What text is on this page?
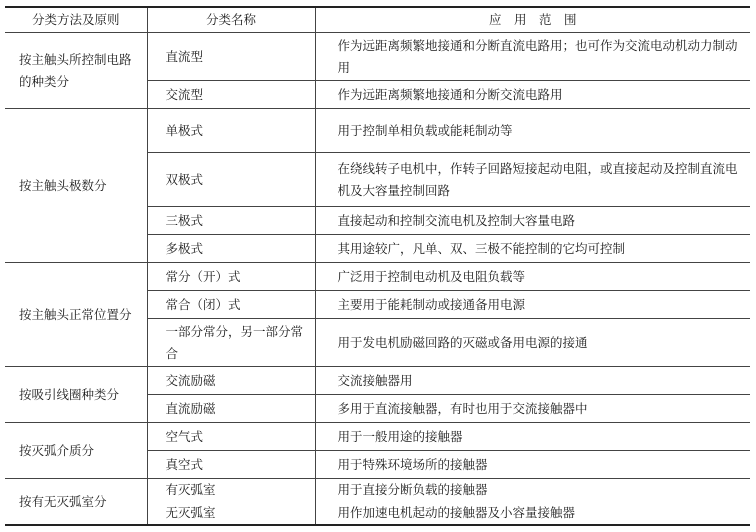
分类方法及原则	分类名称	应　用　范　围
按主触头所控制电路的种类分	直流型	作为远距离频繁地接通和分断直流电路用；也可作为交流电动机动力制动用
	交流型	作为远距离频繁地接通和分断交流电路用
按主触头极数分	单极式	用于控制单相负载或能耗制动等
	双极式	在绕线转子电机中，作转子回路短接起动电阻，或直接起动及控制直流电机及大容量控制回路
	三极式	直接起动和控制交流电机及控制大容量电路
	多极式	其用途较广，凡单、双、三极不能控制的它均可控制
按主触头正常位置分	常分（开）式	广泛用于控制电动机及电阻负载等
	常合（闭）式	主要用于能耗制动或接通备用电源
	一部分常分，另一部分常合	用于发电机励磁回路的灭磁或备用电源的接通
按吸引线圈种类分	交流励磁	交流接触器用
	直流励磁	多用于直流接触器，有时也用于交流接触器中
按灭弧介质分	空气式	用于一般用途的接触器
	真空式	用于特殊环境场所的接触器
按有无灭弧室分	有灭弧室	用于直接分断负载的接触器
	无灭弧室	用作加速电机起动的接触器及小容量接触器
